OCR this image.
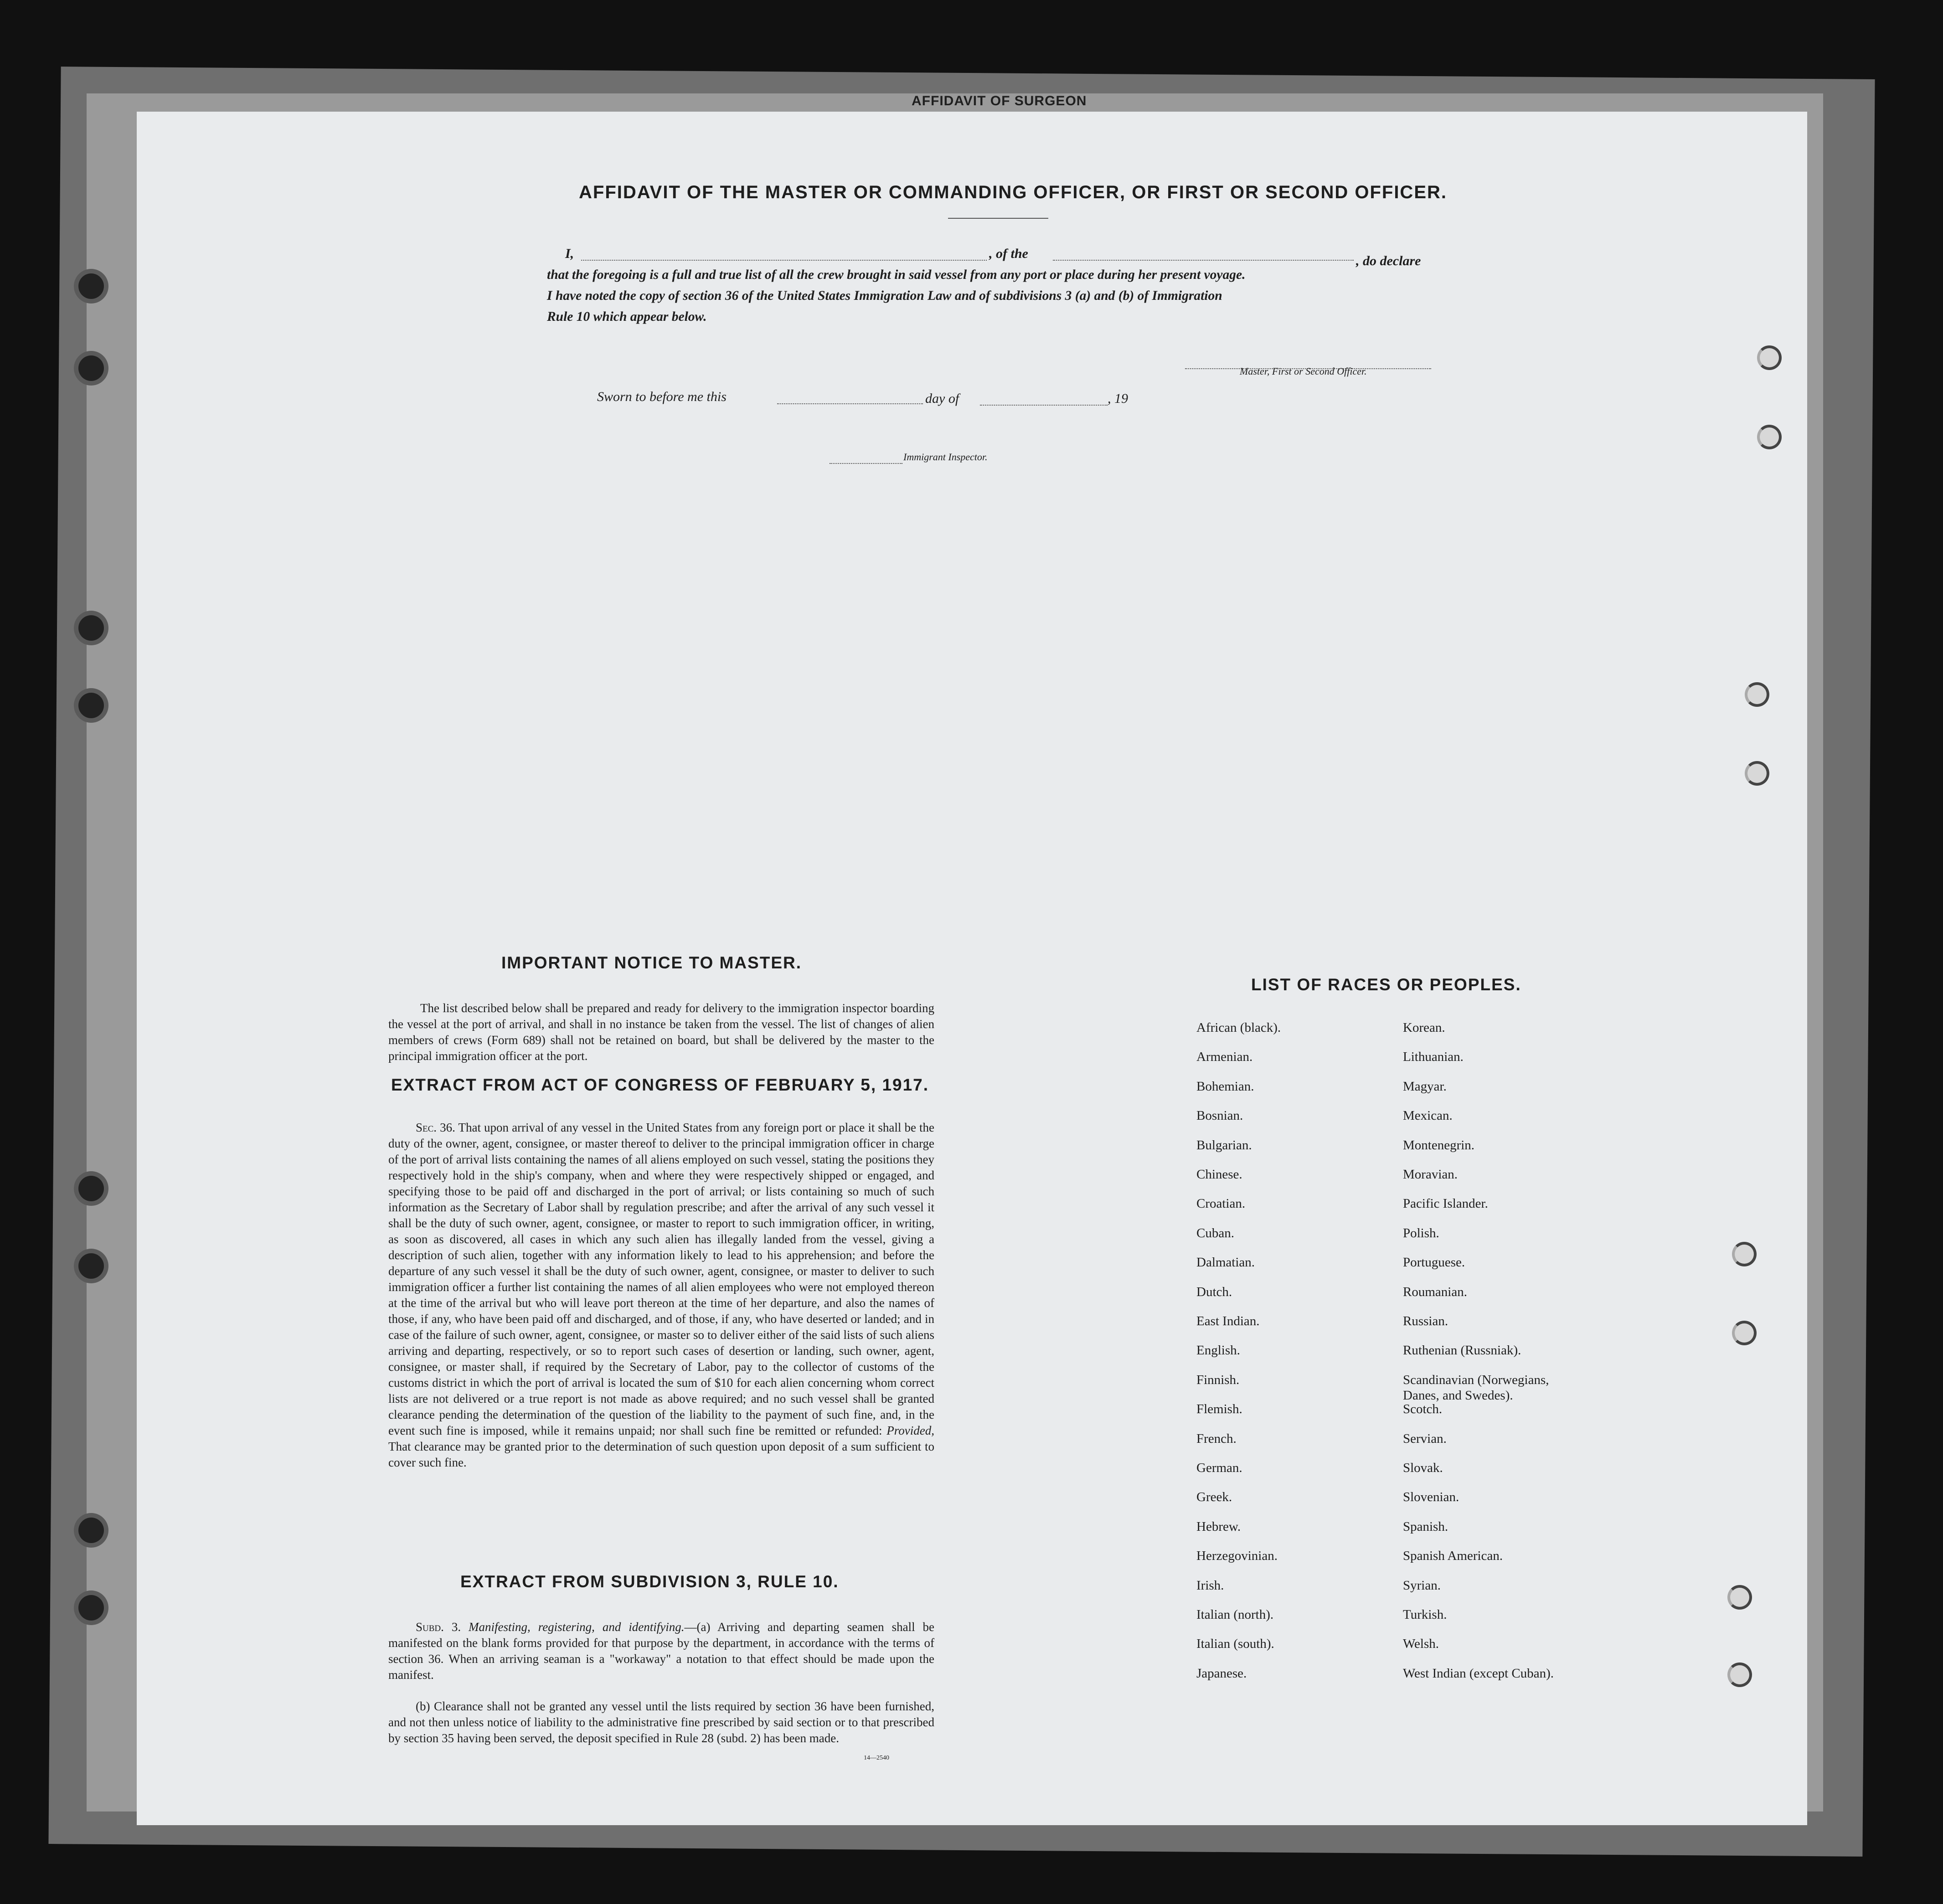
AFFIDAVIT OF SURGEON

AFFIDAVIT OF THE MASTER OR COMMANDING OFFICER, OR FIRST OR SECOND OFFICER.

I,	, of the	, do declare

that the foregoing is a full and true list of all the crew brought in said vessel from any port or place during her present voyage.

I have noted the copy of section 36 of the United States Immigration Law and of subdivisions 3 (a) and (b) of Immigration

Rule 10 which appear below.

Master, First or Second Officer.

Sworn to before me this	day of	, 19

Immigrant Inspector.

IMPORTANT NOTICE TO MASTER.

The list described below shall be prepared and ready for delivery to the immigration inspector boarding the vessel at the port of arrival, and shall in no instance be taken from the vessel. The list of changes of alien members of crews (Form 689) shall not be retained on board, but shall be delivered by the master to the principal immigration officer at the port.

EXTRACT FROM ACT OF CONGRESS OF FEBRUARY 5, 1917.

Sec. 36. That upon arrival of any vessel in the United States from any foreign port or place it shall be the duty of the owner, agent, consignee, or master thereof to deliver to the principal immigration officer in charge of the port of arrival lists containing the names of all aliens employed on such vessel, stating the positions they respectively hold in the ship's company, when and where they were respectively shipped or engaged, and specifying those to be paid off and discharged in the port of arrival; or lists containing so much of such information as the Secretary of Labor shall by regulation prescribe; and after the arrival of any such vessel it shall be the duty of such owner, agent, consignee, or master to report to such immigration officer, in writing, as soon as discovered, all cases in which any such alien has illegally landed from the vessel, giving a description of such alien, together with any information likely to lead to his apprehension; and before the departure of any such vessel it shall be the duty of such owner, agent, consignee, or master to deliver to such immigration officer a further list containing the names of all alien employees who were not employed thereon at the time of the arrival but who will leave port thereon at the time of her departure, and also the names of those, if any, who have been paid off and discharged, and of those, if any, who have deserted or landed; and in case of the failure of such owner, agent, consignee, or master so to deliver either of the said lists of such aliens arriving and departing, respectively, or so to report such cases of desertion or landing, such owner, agent, consignee, or master shall, if required by the Secretary of Labor, pay to the collector of customs of the customs district in which the port of arrival is located the sum of $10 for each alien concerning whom correct lists are not delivered or a true report is not made as above required; and no such vessel shall be granted clearance pending the determination of the question of the liability to the payment of such fine, and, in the event such fine is imposed, while it remains unpaid; nor shall such fine be remitted or refunded: Provided, That clearance may be granted prior to the determination of such question upon deposit of a sum sufficient to cover such fine.

EXTRACT FROM SUBDIVISION 3, RULE 10.

Subd. 3. Manifesting, registering, and identifying.—(a) Arriving and departing seamen shall be manifested on the blank forms provided for that purpose by the department, in accordance with the terms of section 36. When an arriving seaman is a "workaway" a notation to that effect should be made upon the manifest.

(b) Clearance shall not be granted any vessel until the lists required by section 36 have been furnished, and not then unless notice of liability to the administrative fine prescribed by said section or to that prescribed by section 35 having been served, the deposit specified in Rule 28 (subd. 2) has been made.

14—2540

LIST OF RACES OR PEOPLES.

African (black).
Armenian.
Bohemian.
Bosnian.
Bulgarian.
Chinese.
Croatian.
Cuban.
Dalmatian.
Dutch.
East Indian.
English.
Finnish.
Flemish.
French.
German.
Greek.
Hebrew.
Herzegovinian.
Irish.
Italian (north).
Italian (south).
Japanese.
Korean.
Lithuanian.
Magyar.
Mexican.
Montenegrin.
Moravian.
Pacific Islander.
Polish.
Portuguese.
Roumanian.
Russian.
Ruthenian (Russniak).
Scandinavian (Norwegians,
Danes, and Swedes).
Scotch.
Servian.
Slovak.
Slovenian.
Spanish.
Spanish American.
Syrian.
Turkish.
Welsh.
West Indian (except Cuban).
